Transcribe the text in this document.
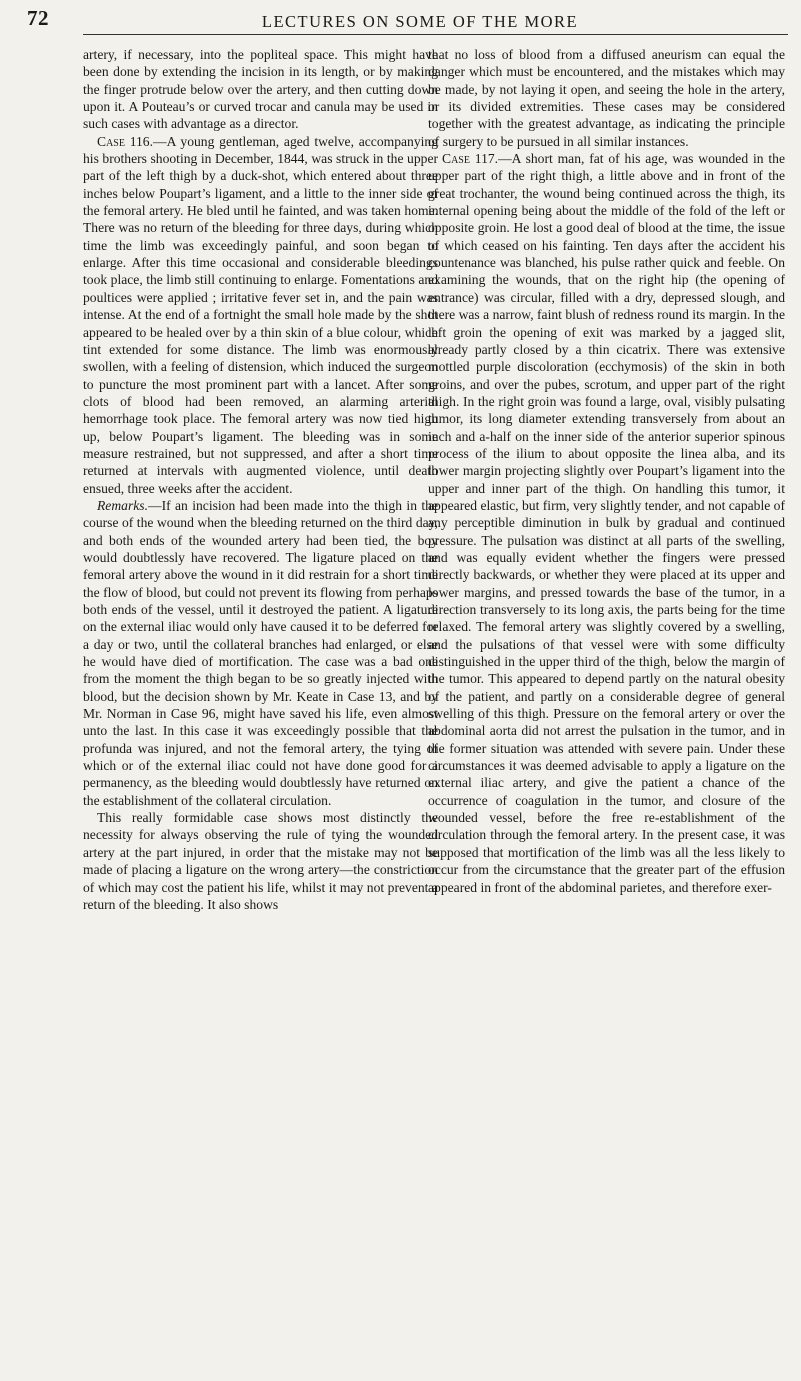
72	LECTURES ON SOME OF THE MORE

artery, if necessary, into the popliteal space. This might have been done by extending the incision in its length, or by making the finger protrude below over the artery, and then cutting down upon it. A Pouteau’s or curved trocar and canula may be used in such cases with advantage as a director.

Case 116.—A young gentleman, aged twelve, accompanying his brothers shooting in December, 1844, was struck in the upper part of the left thigh by a duck-shot, which entered about three inches below Poupart’s ligament, and a little to the inner side of the femoral artery. He bled until he fainted, and was taken home. There was no return of the bleeding for three days, during which time the limb was exceedingly painful, and soon began to enlarge. After this time occasional and considerable bleedings took place, the limb still continuing to enlarge. Fomentations and poultices were applied ; irritative fever set in, and the pain was intense. At the end of a fortnight the small hole made by the shot appeared to be healed over by a thin skin of a blue colour, which tint extended for some distance. The limb was enormously swollen, with a feeling of distension, which induced the surgeon to puncture the most prominent part with a lancet. After some clots of blood had been removed, an alarming arterial hemorrhage took place. The femoral artery was now tied high up, below Poupart’s ligament. The bleeding was in some measure restrained, but not suppressed, and after a short time returned at intervals with augmented violence, until death ensued, three weeks after the accident.

Remarks.—If an incision had been made into the thigh in the course of the wound when the bleeding returned on the third day, and both ends of the wounded artery had been tied, the boy would doubtlessly have recovered. The ligature placed on the femoral artery above the wound in it did restrain for a short time the flow of blood, but could not prevent its flowing from perhaps both ends of the vessel, until it destroyed the patient. A ligature on the external iliac would only have caused it to be deferred for a day or two, until the collateral branches had enlarged, or else he would have died of mortification. The case was a bad one from the moment the thigh began to be so greatly injected with blood, but the decision shown by Mr. Keate in Case 13, and by Mr. Norman in Case 96, might have saved his life, even almost unto the last. In this case it was exceedingly possible that the profunda was injured, and not the femoral artery, the tying of which or of the external iliac could not have done good for a permanency, as the bleeding would doubtlessly have returned on the establishment of the collateral circulation.

This really formidable case shows most distinctly the necessity for always observing the rule of tying the wounded artery at the part injured, in order that the mistake may not be made of placing a ligature on the wrong artery—the constriction of which may cost the patient his life, whilst it may not prevent a return of the bleeding. It also shows

that no loss of blood from a diffused aneurism can equal the danger which must be encountered, and the mistakes which may be made, by not laying it open, and seeing the hole in the artery, or its divided extremities. These cases may be considered together with the greatest advantage, as indicating the principle of surgery to be pursued in all similar instances.

Case 117.—A short man, fat of his age, was wounded in the upper part of the right thigh, a little above and in front of the great trochanter, the wound being continued across the thigh, its internal opening being about the middle of the fold of the left or opposite groin. He lost a good deal of blood at the time, the issue of which ceased on his fainting. Ten days after the accident his countenance was blanched, his pulse rather quick and feeble. On examining the wounds, that on the right hip (the opening of entrance) was circular, filled with a dry, depressed slough, and there was a narrow, faint blush of redness round its margin. In the left groin the opening of exit was marked by a jagged slit, already partly closed by a thin cicatrix. There was extensive mottled purple discoloration (ecchymosis) of the skin in both groins, and over the pubes, scrotum, and upper part of the right thigh. In the right groin was found a large, oval, visibly pulsating tumor, its long diameter extending transversely from about an inch and a-half on the inner side of the anterior superior spinous process of the ilium to about opposite the linea alba, and its lower margin projecting slightly over Poupart’s ligament into the upper and inner part of the thigh. On handling this tumor, it appeared elastic, but firm, very slightly tender, and not capable of any perceptible diminution in bulk by gradual and continued pressure. The pulsation was distinct at all parts of the swelling, and was equally evident whether the fingers were pressed directly backwards, or whether they were placed at its upper and lower margins, and pressed towards the base of the tumor, in a direction transversely to its long axis, the parts being for the time relaxed. The femoral artery was slightly covered by a swelling, and the pulsations of that vessel were with some difficulty distinguished in the upper third of the thigh, below the margin of the tumor. This appeared to depend partly on the natural obesity of the patient, and partly on a considerable degree of general swelling of this thigh. Pressure on the femoral artery or over the abdominal aorta did not arrest the pulsation in the tumor, and in the former situation was attended with severe pain. Under these circumstances it was deemed advisable to apply a ligature on the external iliac artery, and give the patient a chance of the occurrence of coagulation in the tumor, and closure of the wounded vessel, before the free re-establishment of the circulation through the femoral artery. In the present case, it was supposed that mortification of the limb was all the less likely to occur from the circumstance that the greater part of the effusion appeared in front of the abdominal parietes, and therefore exer-
